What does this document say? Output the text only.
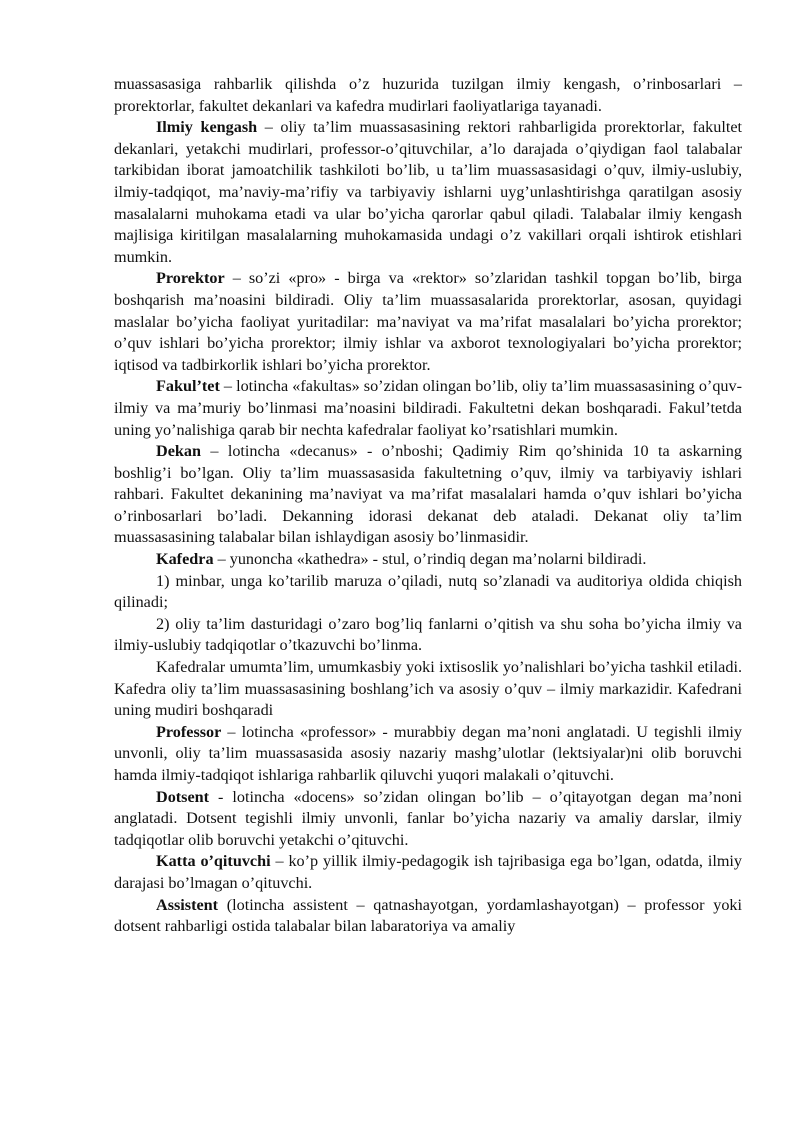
muassasasiga rahbarlik qilishda o’z huzurida tuzilgan ilmiy kengash, o’rinbosarlari – prorektorlar, fakultet dekanlari va kafedra mudirlari faoliyatlariga tayanadi.

Ilmiy kengash – oliy ta’lim muassasasining rektori rahbarligida prorektorlar, fakultet dekanlari, yetakchi mudirlari, professor-o’qituvchilar, a’lo darajada o’qiydigan faol talabalar tarkibidan iborat jamoatchilik tashkiloti bo’lib, u ta’lim muassasasidagi o’quv, ilmiy-uslubiy, ilmiy-tadqiqot, ma’naviy-ma’rifiy va tarbiyaviy ishlarni uyg’unlashtirishga qaratilgan asosiy masalalarni muhokama etadi va ular bo’yicha qarorlar qabul qiladi. Talabalar ilmiy kengash majlisiga kiritilgan masalalarning muhokamasida undagi o’z vakillari orqali ishtirok etishlari mumkin.

Prorektor – so’zi «pro» - birga va «rektor» so’zlaridan tashkil topgan bo’lib, birga boshqarish ma’noasini bildiradi. Oliy ta’lim muassasalarida prorektorlar, asosan, quyidagi maslalar bo’yicha faoliyat yuritadilar: ma’naviyat va ma’rifat masalalari bo’yicha prorektor; o’quv ishlari bo’yicha prorektor; ilmiy ishlar va axborot texnologiyalari bo’yicha prorektor; iqtisod va tadbirkorlik ishlari bo’yicha prorektor.

Fakul’tet – lotincha «fakultas» so’zidan olingan bo’lib, oliy ta’lim muassasasining o’quv-ilmiy va ma’muriy bo’linmasi ma’noasini bildiradi. Fakultetni dekan boshqaradi. Fakul’tetda uning yo’nalishiga qarab bir nechta kafedralar faoliyat ko’rsatishlari mumkin.

Dekan – lotincha «decanus» - o’nboshi; Qadimiy Rim qo’shinida 10 ta askarning boshlig’i bo’lgan. Oliy ta’lim muassasasida fakultetning o’quv, ilmiy va tarbiyaviy ishlari rahbari. Fakultet dekanining ma’naviyat va ma’rifat masalalari hamda o’quv ishlari bo’yicha o’rinbosarlari bo’ladi. Dekanning idorasi dekanat deb ataladi. Dekanat oliy ta’lim muassasasining talabalar bilan ishlaydigan asosiy bo’linmasidir.

Kafedra – yunoncha «kathedra» - stul, o’rindiq degan ma’nolarni bildiradi.

1) minbar, unga ko’tarilib maruza o’qiladi, nutq so’zlanadi va auditoriya oldida chiqish qilinadi;

2) oliy ta’lim dasturidagi o’zaro bog’liq fanlarni o’qitish va shu soha bo’yicha ilmiy va ilmiy-uslubiy tadqiqotlar o’tkazuvchi bo’linma.

Kafedralar umumta’lim, umumkasbiy yoki ixtisoslik yo’nalishlari bo’yicha tashkil etiladi. Kafedra oliy ta’lim muassasasining boshlang’ich va asosiy o’quv – ilmiy markazidir. Kafedrani uning mudiri boshqaradi

Professor – lotincha «professor» - murabbiy degan ma’noni anglatadi. U tegishli ilmiy unvonli, oliy ta’lim muassasasida asosiy nazariy mashg’ulotlar (lektsiyalar)ni olib boruvchi hamda ilmiy-tadqiqot ishlariga rahbarlik qiluvchi yuqori malakali o’qituvchi.

Dotsent - lotincha «docens» so’zidan olingan bo’lib – o’qitayotgan degan ma’noni anglatadi. Dotsent tegishli ilmiy unvonli, fanlar bo’yicha nazariy va amaliy darslar, ilmiy tadqiqotlar olib boruvchi yetakchi o’qituvchi.

Katta o’qituvchi – ko’p yillik ilmiy-pedagogik ish tajribasiga ega bo’lgan, odatda, ilmiy darajasi bo’lmagan o’qituvchi.

Assistent (lotincha assistent – qatnashayotgan, yordamlashayotgan) – professor yoki dotsent rahbarligi ostida talabalar bilan labaratoriya va amaliy
